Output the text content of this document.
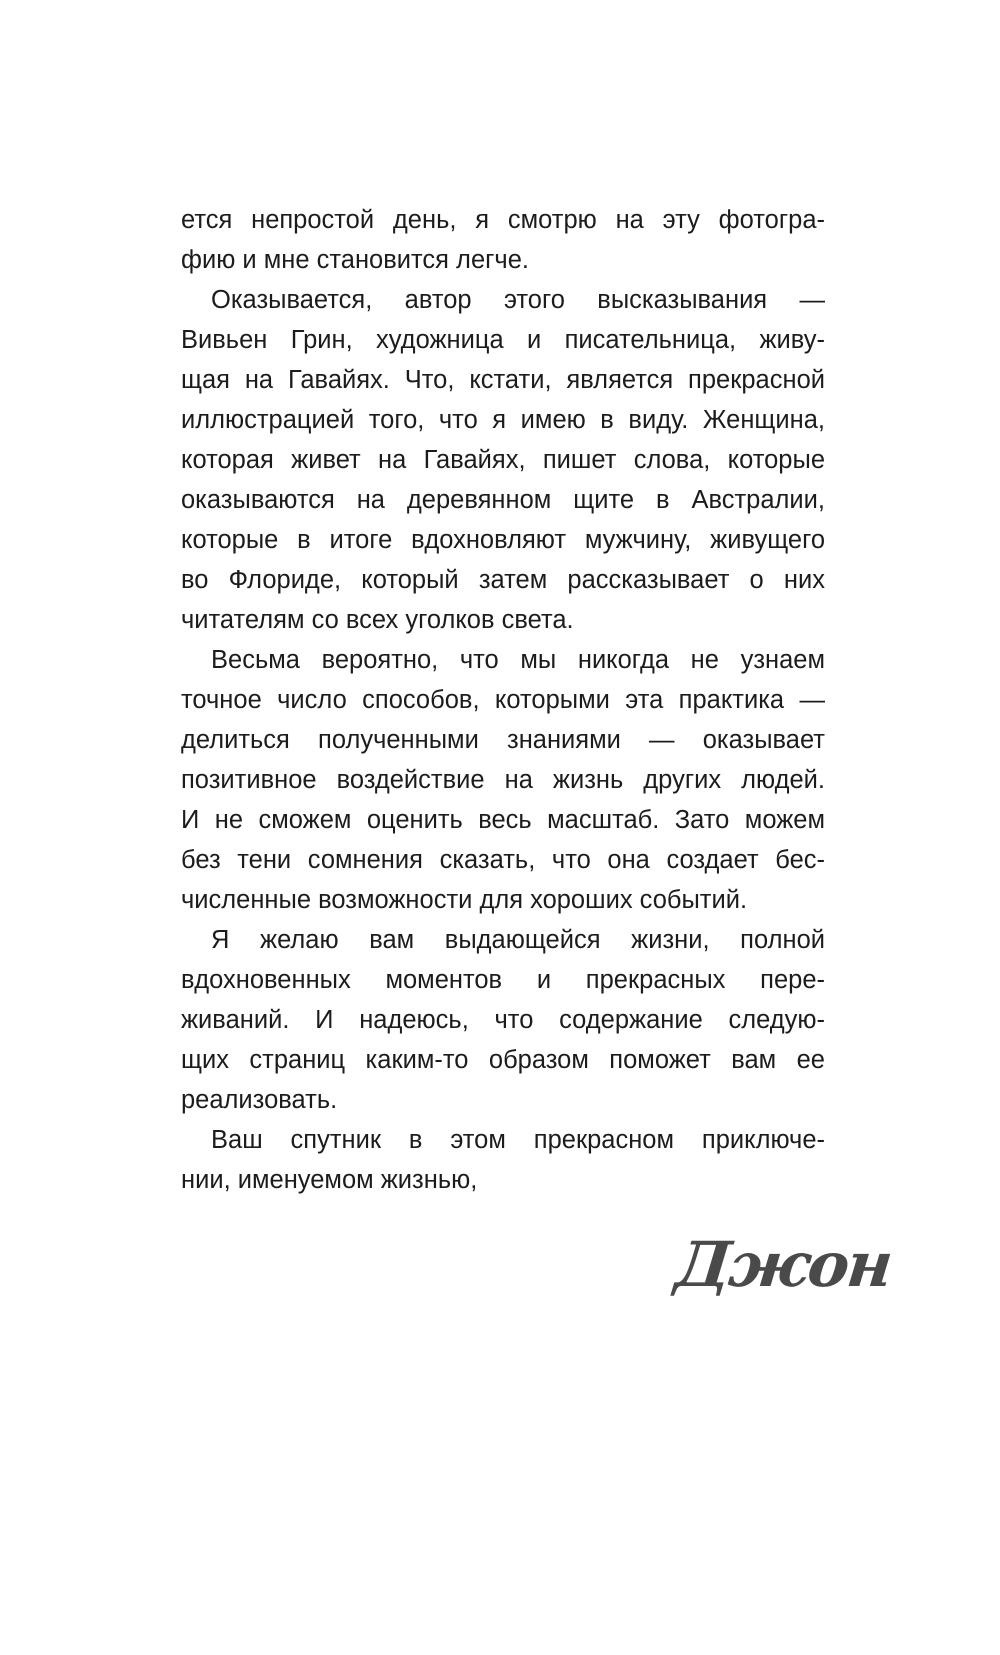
ется непростой день, я смотрю на эту фотогра-
фию и мне становится легче.
Оказывается, автор этого высказывания —
Вивьен Грин, художница и писательница, живу-
щая на Гавайях. Что, кстати, является прекрасной
иллюстрацией того, что я имею в виду. Женщина,
которая живет на Гавайях, пишет слова, которые
оказываются на деревянном щите в Австралии,
которые в итоге вдохновляют мужчину, живущего
во Флориде, который затем рассказывает о них
читателям со всех уголков света.
Весьма вероятно, что мы никогда не узнаем
точное число способов, которыми эта практика —
делиться полученными знаниями — оказывает
позитивное воздействие на жизнь других людей.
И не сможем оценить весь масштаб. Зато можем
без тени сомнения сказать, что она создает бес-
численные возможности для хороших событий.
Я желаю вам выдающейся жизни, полной
вдохновенных моментов и прекрасных пере-
живаний. И надеюсь, что содержание следую-
щих страниц каким-то образом поможет вам ее
реализовать.
Ваш спутник в этом прекрасном приключе-
нии, именуемом жизнью,
Джон
